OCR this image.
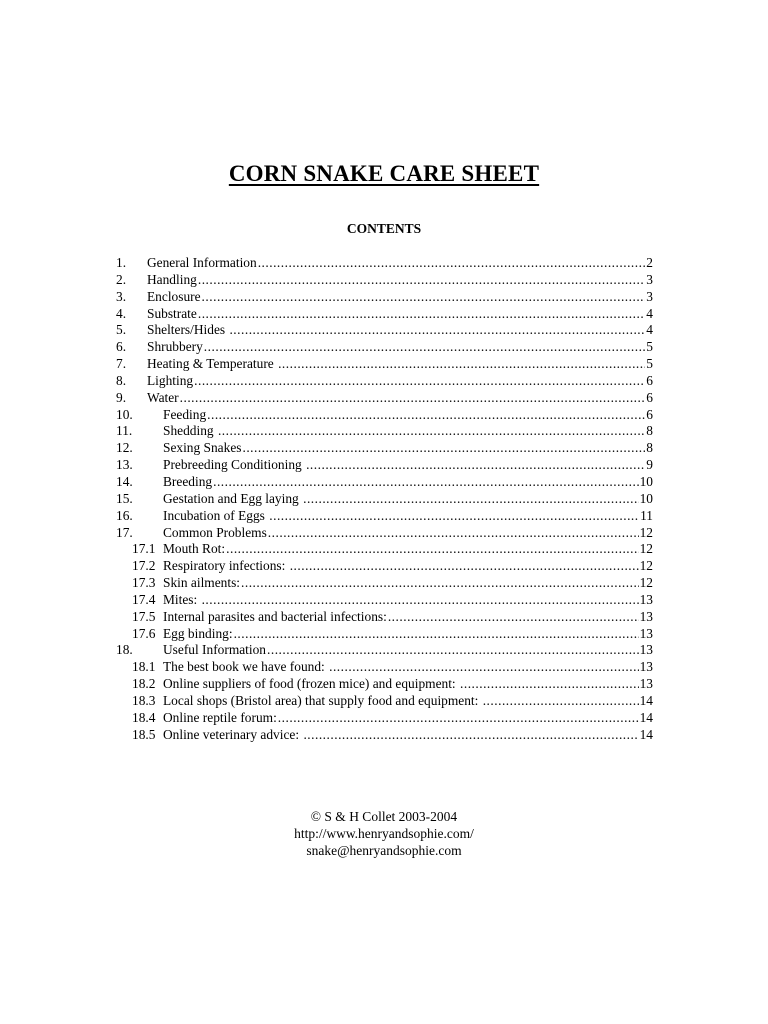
CORN SNAKE CARE SHEET
CONTENTS
1.	General Information .....	2
2.	Handling .....	3
3.	Enclosure .....	3
4.	Substrate .....	4
5.	Shelters/Hides .....	4
6.	Shrubbery .....	5
7.	Heating & Temperature .....	5
8.	Lighting .....	6
9.	Water .....	6
10.	Feeding .....	6
11.	Shedding .....	8
12.	Sexing Snakes .....	8
13.	Prebreeding Conditioning .....	9
14.	Breeding .....	10
15.	Gestation and Egg laying .....	10
16.	Incubation of Eggs .....	11
17.	Common Problems .....	12
17.1 Mouth Rot: .....	12
17.2 Respiratory infections: .....	12
17.3 Skin ailments: .....	12
17.4 Mites: .....	13
17.5 Internal parasites and bacterial infections: .....	13
17.6 Egg binding: .....	13
18.	Useful Information .....	13
18.1 The best book we have found: .....	13
18.2 Online suppliers of food (frozen mice) and equipment: .....	13
18.3 Local shops (Bristol area) that supply food and equipment: .....	14
18.4 Online reptile forum: .....	14
18.5 Online veterinary advice: .....	14
© S & H Collet 2003-2004
http://www.henryandsophie.com/
snake@henryandsophie.com
